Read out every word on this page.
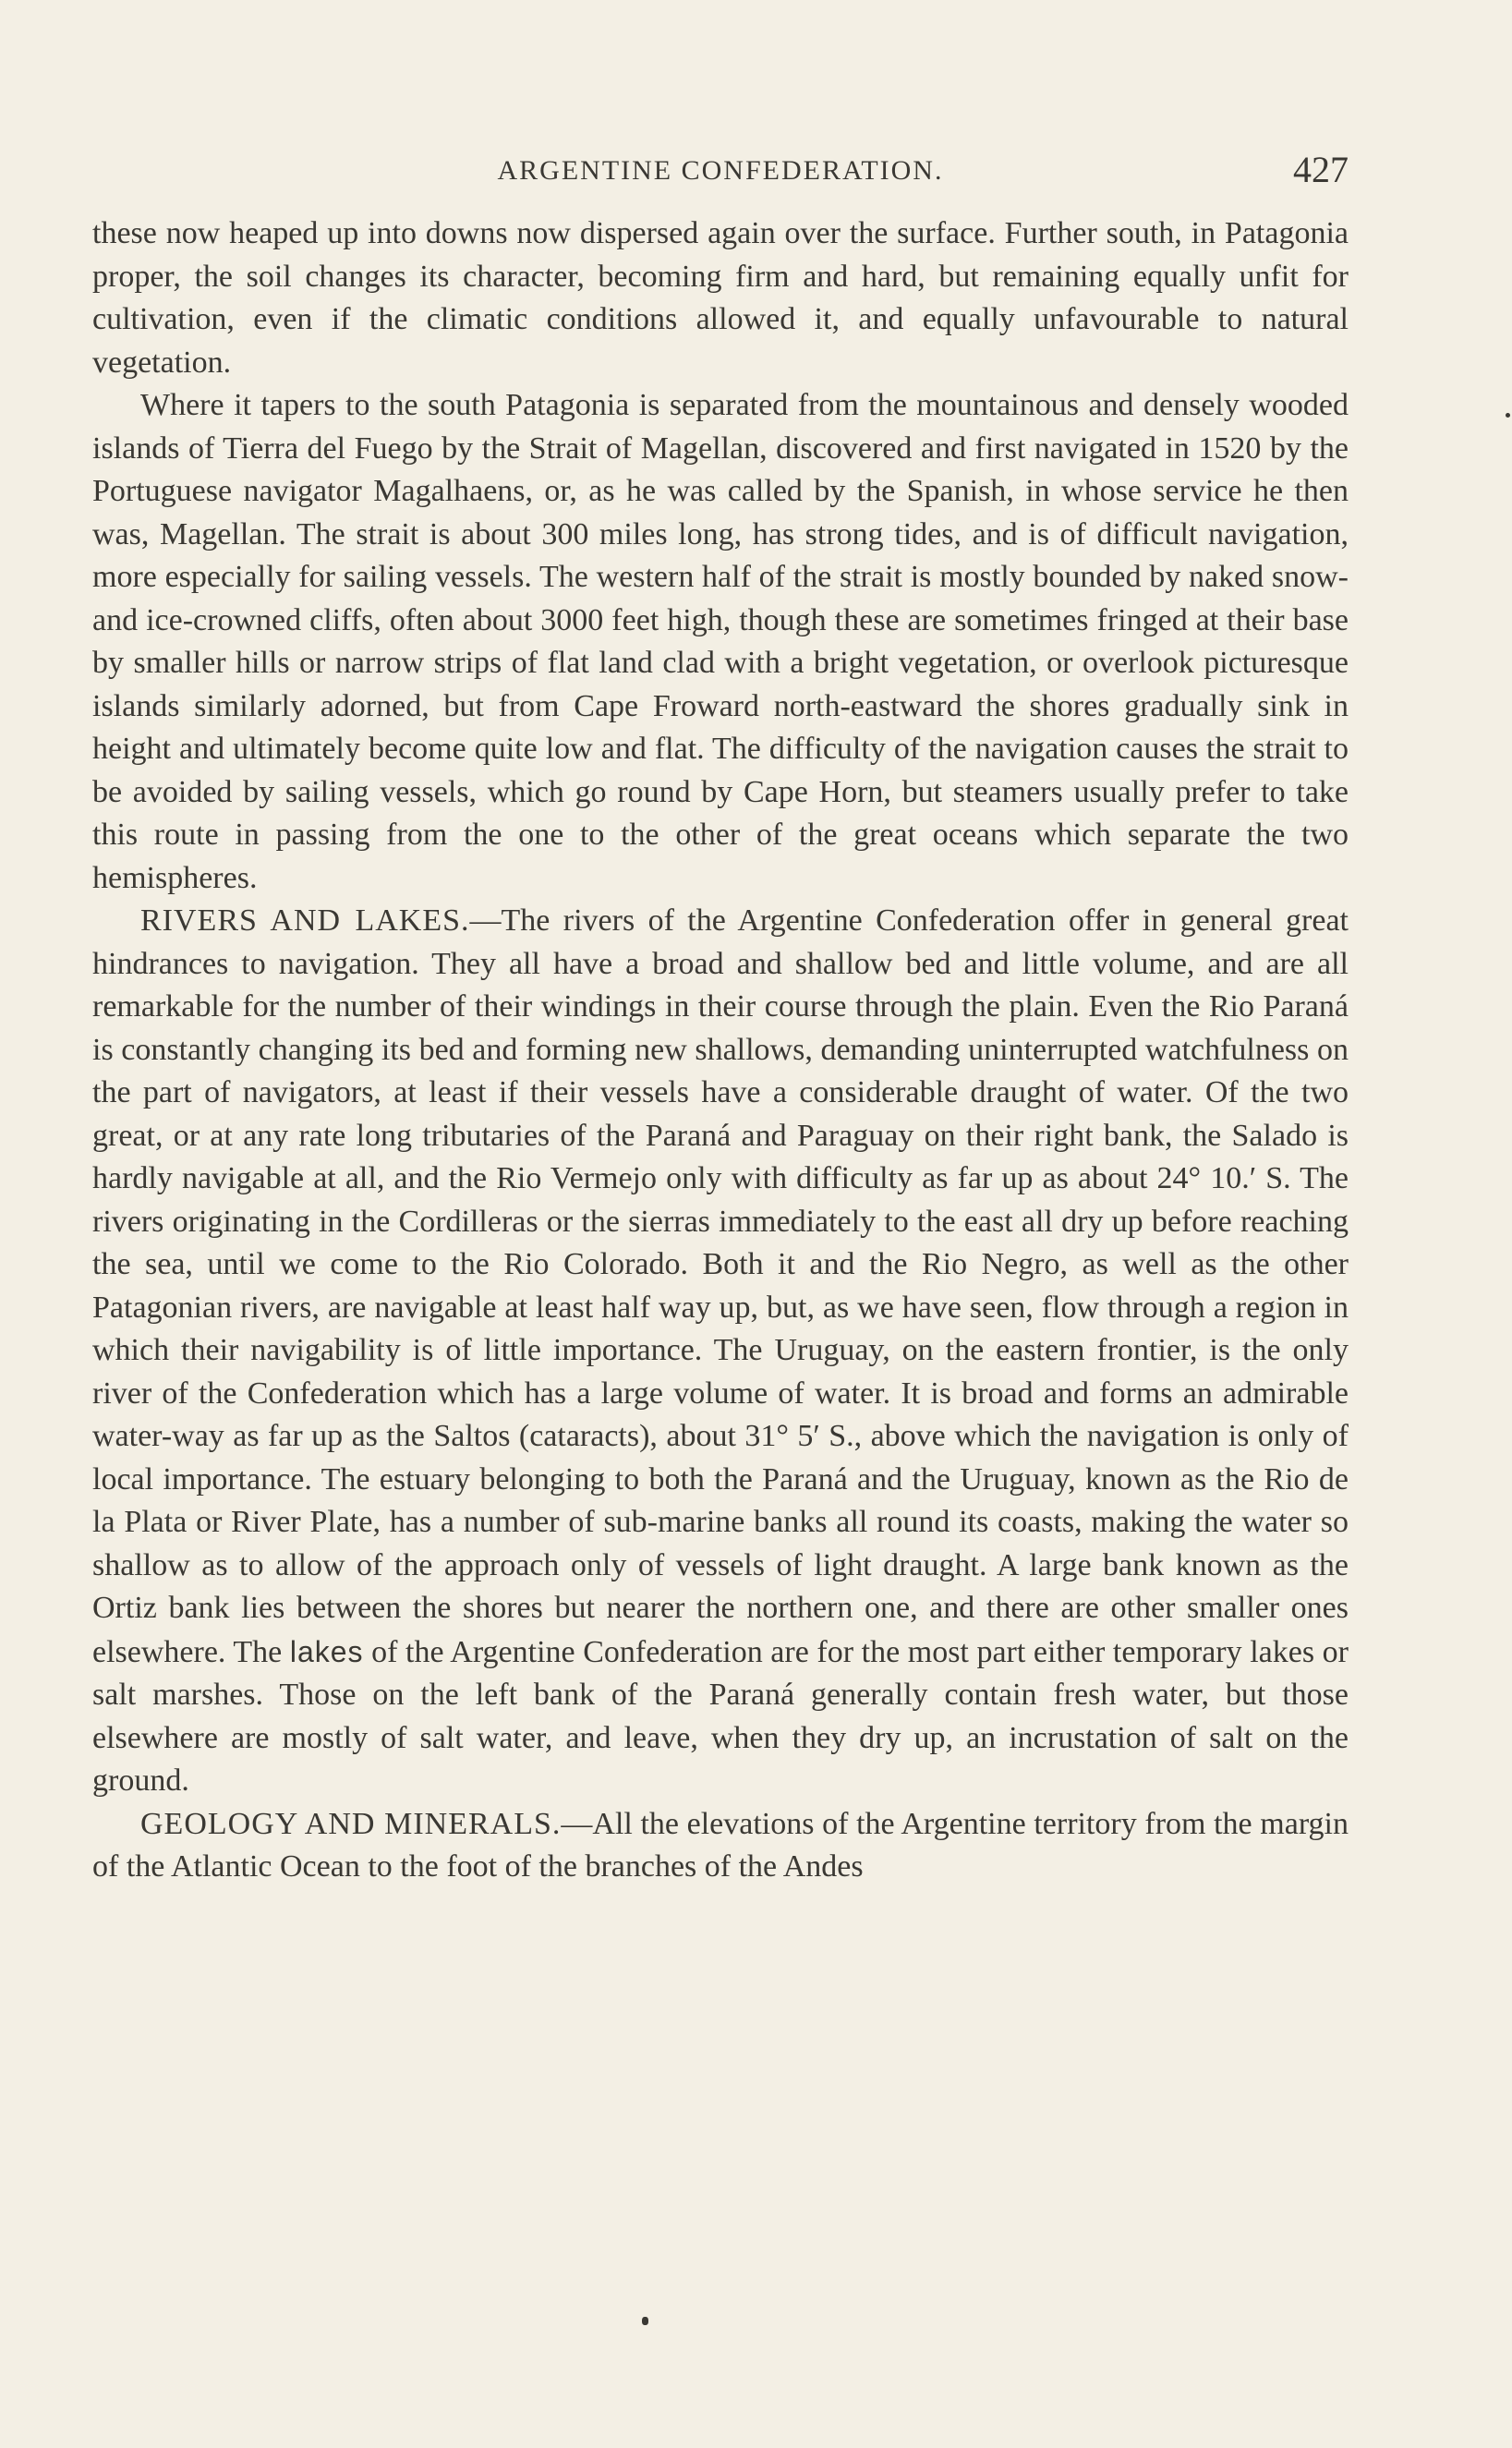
ARGENTINE CONFEDERATION.	427

these now heaped up into downs now dispersed again over the surface. Further south, in Patagonia proper, the soil changes its character, becoming firm and hard, but remaining equally unfit for cultivation, even if the climatic conditions allowed it, and equally unfavourable to natural vegetation.

Where it tapers to the south Patagonia is separated from the mountainous and densely wooded islands of Tierra del Fuego by the Strait of Magellan, discovered and first navigated in 1520 by the Portuguese navigator Magalhaens, or, as he was called by the Spanish, in whose service he then was, Magellan. The strait is about 300 miles long, has strong tides, and is of difficult navigation, more especially for sailing vessels. The western half of the strait is mostly bounded by naked snow- and ice-crowned cliffs, often about 3000 feet high, though these are sometimes fringed at their base by smaller hills or narrow strips of flat land clad with a bright vegetation, or overlook picturesque islands similarly adorned, but from Cape Froward north-eastward the shores gradually sink in height and ultimately become quite low and flat. The difficulty of the navigation causes the strait to be avoided by sailing vessels, which go round by Cape Horn, but steamers usually prefer to take this route in passing from the one to the other of the great oceans which separate the two hemispheres.

RIVERS AND LAKES.—The rivers of the Argentine Confederation offer in general great hindrances to navigation. They all have a broad and shallow bed and little volume, and are all remarkable for the number of their windings in their course through the plain. Even the Rio Paraná is constantly changing its bed and forming new shallows, demanding uninterrupted watchfulness on the part of navigators, at least if their vessels have a considerable draught of water. Of the two great, or at any rate long tributaries of the Paraná and Paraguay on their right bank, the Salado is hardly navigable at all, and the Rio Vermejo only with difficulty as far up as about 24° 10.′ S. The rivers originating in the Cordilleras or the sierras immediately to the east all dry up before reaching the sea, until we come to the Rio Colorado. Both it and the Rio Negro, as well as the other Patagonian rivers, are navigable at least half way up, but, as we have seen, flow through a region in which their navigability is of little importance. The Uruguay, on the eastern frontier, is the only river of the Confederation which has a large volume of water. It is broad and forms an admirable water-way as far up as the Saltos (cataracts), about 31° 5′ S., above which the navigation is only of local importance. The estuary belonging to both the Paraná and the Uruguay, known as the Rio de la Plata or River Plate, has a number of sub-marine banks all round its coasts, making the water so shallow as to allow of the approach only of vessels of light draught. A large bank known as the Ortiz bank lies between the shores but nearer the northern one, and there are other smaller ones elsewhere. The lakes of the Argentine Confederation are for the most part either temporary lakes or salt marshes. Those on the left bank of the Paraná generally contain fresh water, but those elsewhere are mostly of salt water, and leave, when they dry up, an incrustation of salt on the ground.

GEOLOGY AND MINERALS.—All the elevations of the Argentine territory from the margin of the Atlantic Ocean to the foot of the branches of the Andes
